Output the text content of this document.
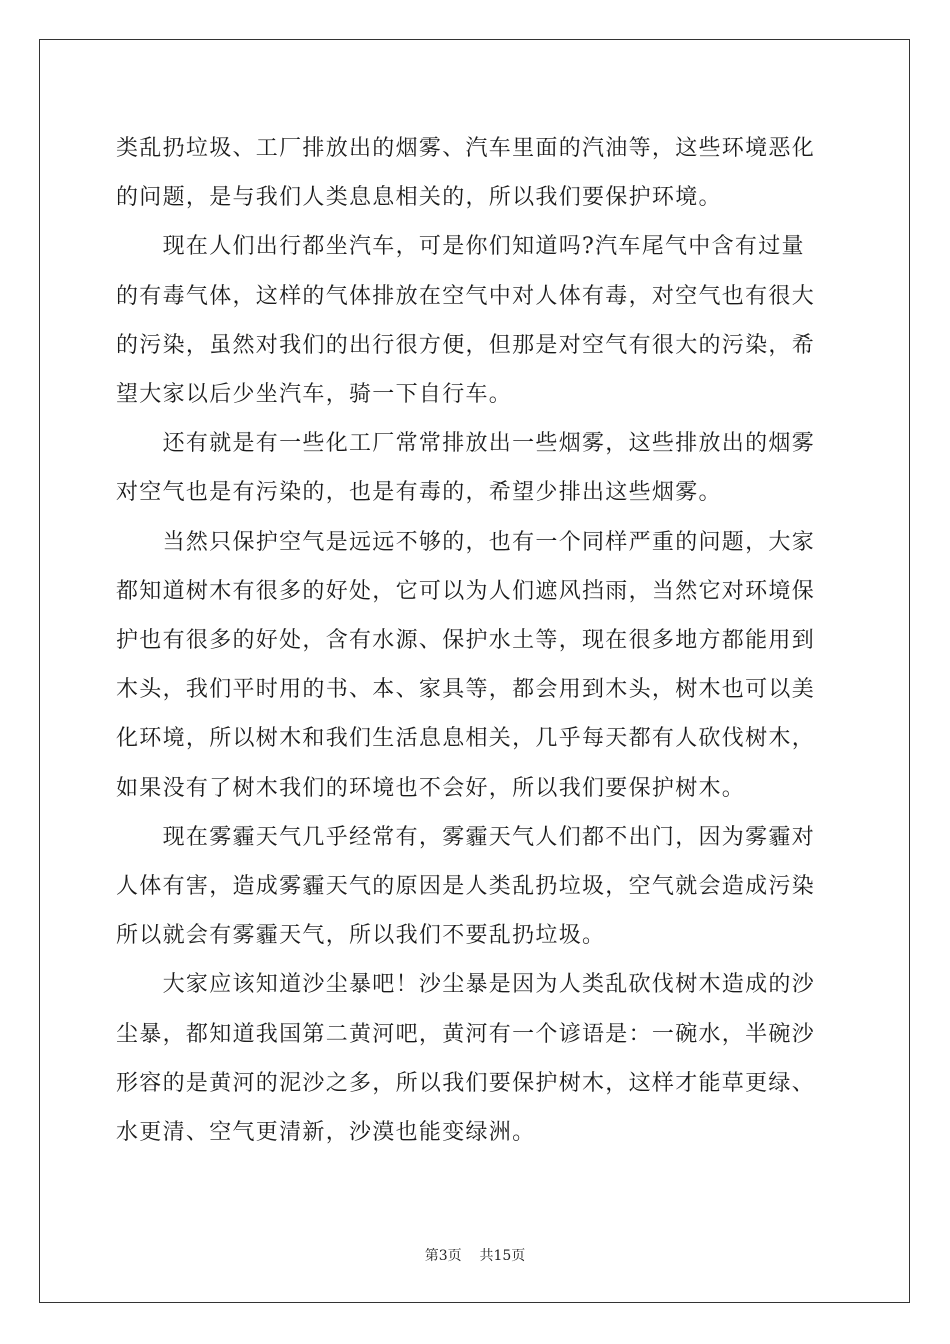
类乱扔垃圾、工厂排放出的烟雾、汽车里面的汽油等，这些环境恶化
的问题，是与我们人类息息相关的，所以我们要保护环境。

　　现在人们出行都坐汽车，可是你们知道吗?汽车尾气中含有过量
的有毒气体，这样的气体排放在空气中对人体有毒，对空气也有很大
的污染，虽然对我们的出行很方便，但那是对空气有很大的污染，希
望大家以后少坐汽车，骑一下自行车。

　　还有就是有一些化工厂常常排放出一些烟雾，这些排放出的烟雾
对空气也是有污染的，也是有毒的，希望少排出这些烟雾。

　　当然只保护空气是远远不够的，也有一个同样严重的问题，大家
都知道树木有很多的好处，它可以为人们遮风挡雨，当然它对环境保
护也有很多的好处，含有水源、保护水土等，现在很多地方都能用到
木头，我们平时用的书、本、家具等，都会用到木头，树木也可以美
化环境，所以树木和我们生活息息相关，几乎每天都有人砍伐树木，
如果没有了树木我们的环境也不会好，所以我们要保护树木。

　　现在雾霾天气几乎经常有，雾霾天气人们都不出门，因为雾霾对
人体有害，造成雾霾天气的原因是人类乱扔垃圾，空气就会造成污染
所以就会有雾霾天气，所以我们不要乱扔垃圾。

　　大家应该知道沙尘暴吧！沙尘暴是因为人类乱砍伐树木造成的沙
尘暴，都知道我国第二黄河吧，黄河有一个谚语是：一碗水，半碗沙
形容的是黄河的泥沙之多，所以我们要保护树木，这样才能草更绿、
水更清、空气更清新，沙漠也能变绿洲。

第3页 共15页
